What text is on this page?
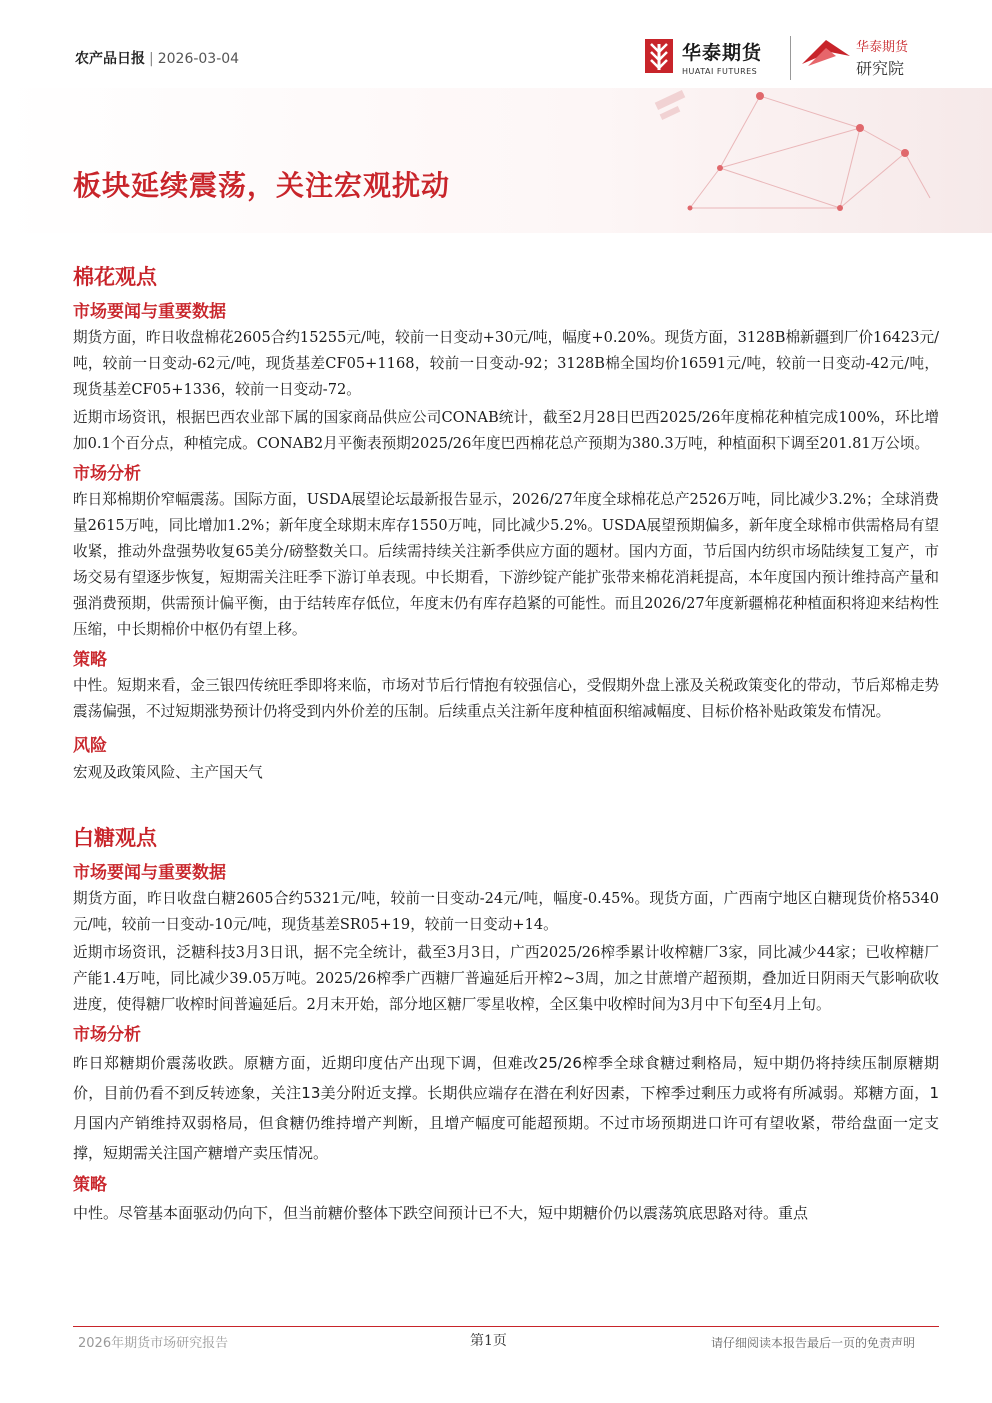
农产品日报 | 2026-03-04	华泰期货
HUATAI FUTURES
华泰期货
研究院
板块延续震荡，关注宏观扰动
棉花观点
市场要闻与重要数据

期货方面，昨日收盘棉花2605合约15255元/吨，较前一日变动+30元/吨，幅度+0.20%。现货方面，3128B棉新疆到厂价16423元/吨，较前一日变动-62元/吨，现货基差CF05+1168，较前一日变动-92；3128B棉全国均价16591元/吨，较前一日变动-42元/吨，现货基差CF05+1336，较前一日变动-72。

近期市场资讯，根据巴西农业部下属的国家商品供应公司CONAB统计，截至2月28日巴西2025/26年度棉花种植完成100%，环比增加0.1个百分点，种植完成。CONAB2月平衡表预期2025/26年度巴西棉花总产预期为380.3万吨，种植面积下调至201.81万公顷。

市场分析

昨日郑棉期价窄幅震荡。国际方面，USDA展望论坛最新报告显示，2026/27年度全球棉花总产2526万吨，同比减少3.2%；全球消费量2615万吨，同比增加1.2%；新年度全球期末库存1550万吨，同比减少5.2%。USDA展望预期偏多，新年度全球棉市供需格局有望收紧，推动外盘强势收复65美分/磅整数关口。后续需持续关注新季供应方面的题材。国内方面，节后国内纺织市场陆续复工复产，市场交易有望逐步恢复，短期需关注旺季下游订单表现。中长期看，下游纱锭产能扩张带来棉花消耗提高，本年度国内预计维持高产量和强消费预期，供需预计偏平衡，由于结转库存低位，年度末仍有库存趋紧的可能性。而且2026/27年度新疆棉花种植面积将迎来结构性压缩，中长期棉价中枢仍有望上移。

策略

中性。短期来看，金三银四传统旺季即将来临，市场对节后行情抱有较强信心，受假期外盘上涨及关税政策变化的带动，节后郑棉走势震荡偏强，不过短期涨势预计仍将受到内外价差的压制。后续重点关注新年度种植面积缩减幅度、目标价格补贴政策发布情况。

风险

宏观及政策风险、主产国天气

白糖观点
市场要闻与重要数据

期货方面，昨日收盘白糖2605合约5321元/吨，较前一日变动-24元/吨，幅度-0.45%。现货方面，广西南宁地区白糖现货价格5340元/吨，较前一日变动-10元/吨，现货基差SR05+19，较前一日变动+14。

近期市场资讯，泛糖科技3月3日讯，据不完全统计，截至3月3日，广西2025/26榨季累计收榨糖厂3家，同比减少44家；已收榨糖厂产能1.4万吨，同比减少39.05万吨。2025/26榨季广西糖厂普遍延后开榨2~3周，加之甘蔗增产超预期，叠加近日阴雨天气影响砍收进度，使得糖厂收榨时间普遍延后。2月末开始，部分地区糖厂零星收榨，全区集中收榨时间为3月中下旬至4月上旬。

市场分析

昨日郑糖期价震荡收跌。原糖方面，近期印度估产出现下调，但难改25/26榨季全球食糖过剩格局，短中期仍将持续压制原糖期价，目前仍看不到反转迹象，关注13美分附近支撑。长期供应端存在潜在利好因素，下榨季过剩压力或将有所减弱。郑糖方面，1月国内产销维持双弱格局，但食糖仍维持增产判断，且增产幅度可能超预期。不过市场预期进口许可有望收紧，带给盘面一定支撑，短期需关注国产糖增产卖压情况。

策略

中性。尽管基本面驱动仍向下，但当前糖价整体下跌空间预计已不大，短中期糖价仍以震荡筑底思路对待。重点

2026年期货市场研究报告	第1页	请仔细阅读本报告最后一页的免责声明
